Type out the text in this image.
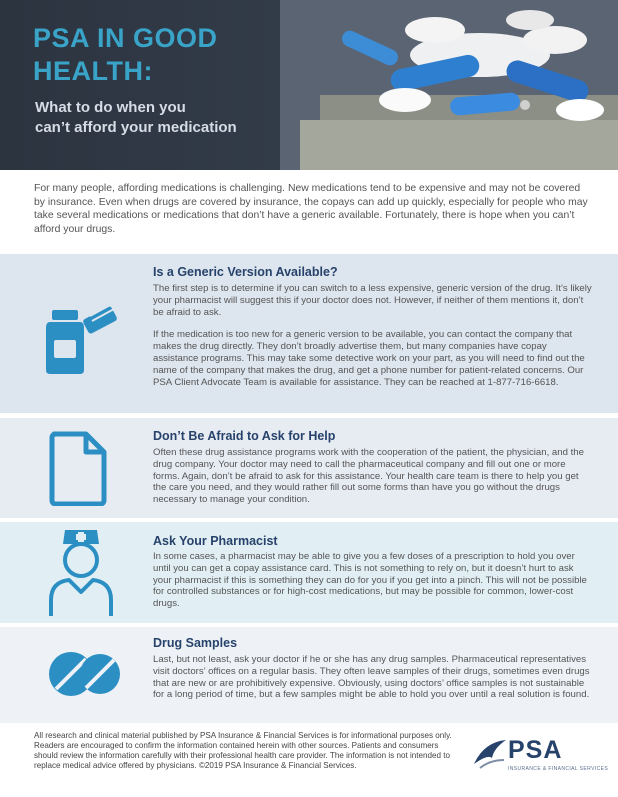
PSA IN GOOD
HEALTH:
What to do when you
can’t afford your medication
For many people, affording medications is challenging. New medications tend to be expensive and may not be covered by insurance. Even when drugs are covered by insurance, the copays can add up quickly, especially for people who may take several medications or medications that don’t have a generic available. Fortunately, there is hope when you can’t afford your drugs.
Is a Generic Version Available?

The first step is to determine if you can switch to a less expensive, generic version of the drug. It’s likely your pharmacist will suggest this if your doctor does not. However, if neither of them mentions it, don’t be afraid to ask.

If the medication is too new for a generic version to be available, you can contact the company that makes the drug directly. They don’t broadly advertise them, but many companies have copay assistance programs. This may take some detective work on your part, as you will need to find out the name of the company that makes the drug, and get a phone number for patient-related concerns. Our PSA Client Advocate Team is available for assistance. They can be reached at 1-877-716-6618.

Don’t Be Afraid to Ask for Help

Often these drug assistance programs work with the cooperation of the patient, the physician, and the drug company. Your doctor may need to call the pharmaceutical company and fill out one or more forms. Again, don’t be afraid to ask for this assistance. Your health care team is there to help you get the care you need, and they would rather fill out some forms than have you go without the drugs necessary to manage your condition.

Ask Your Pharmacist

In some cases, a pharmacist may be able to give you a few doses of a prescription to hold you over until you can get a copay assistance card. This is not something to rely on, but it doesn’t hurt to ask your pharmacist if this is something they can do for you if you get into a pinch. This will not be possible for controlled substances or for high-cost medications, but may be possible for common, lower-cost drugs.

Drug Samples

Last, but not least, ask your doctor if he or she has any drug samples. Pharmaceutical representatives visit doctors’ offices on a regular basis. They often leave samples of their drugs, sometimes even drugs that are new or are prohibitively expensive. Obviously, using doctors’ office samples is not sustainable for a long period of time, but a few samples might be able to hold you over until a real solution is found.

All research and clinical material published by PSA Insurance & Financial Services is for informational purposes only. Readers are encouraged to confirm the information contained herein with other sources. Patients and consumers should review the information carefully with their professional health care provider. The information is not intended to replace medical advice offered by physicians. ©2019 PSA Insurance & Financial Services.
PSA
INSURANCE & FINANCIAL SERVICES
